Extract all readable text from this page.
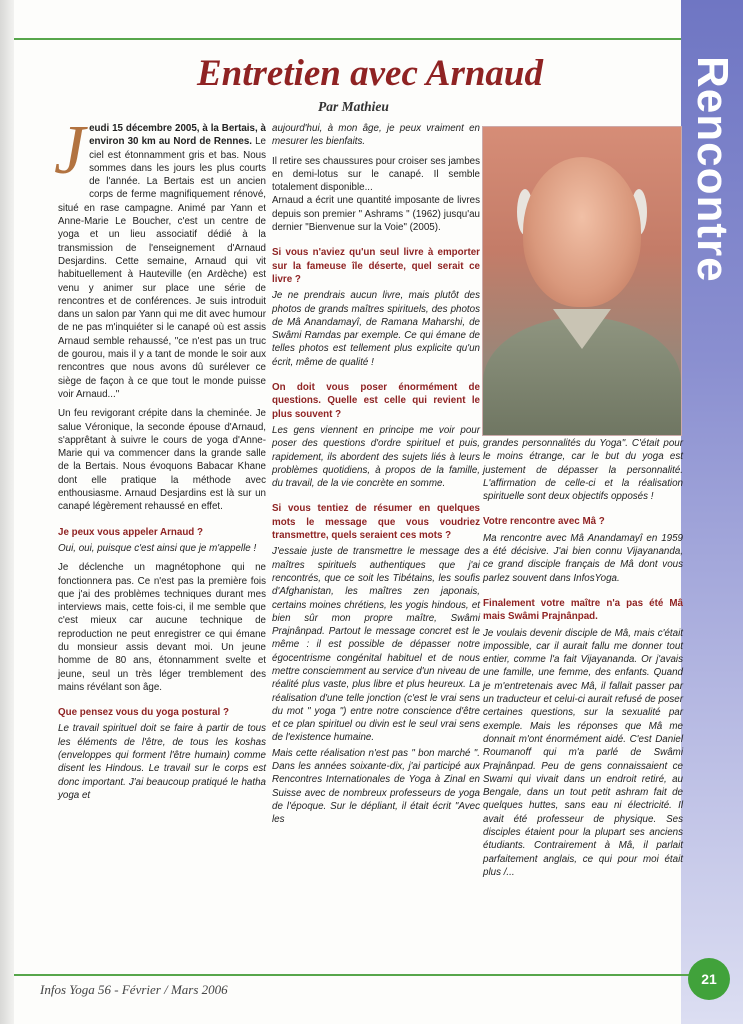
Rencontre
Entretien avec Arnaud

Par Mathieu

Jeudi 15 décembre 2005, à la Bertais, à environ 30 km au Nord de Rennes. Le ciel est étonnamment gris et bas. Nous sommes dans les jours les plus courts de l'année. La Bertais est un ancien corps de ferme magnifiquement rénové, situé en rase campagne. Animé par Yann et Anne-Marie Le Boucher, c'est un centre de yoga et un lieu associatif dédié à la transmission de l'enseignement d'Arnaud Desjardins. Cette semaine, Arnaud qui vit habituellement à Hauteville (en Ardèche) est venu y animer sur place une série de rencontres et de conférences. Je suis introduit dans un salon par Yann qui me dit avec humour de ne pas m'inquiéter si le canapé où est assis Arnaud semble rehaussé, "ce n'est pas un truc de gourou, mais il y a tant de monde le soir aux rencontres que nous avons dû surélever ce siège de façon à ce que tout le monde puisse voir Arnaud..."

Un feu revigorant crépite dans la cheminée. Je salue Véronique, la seconde épouse d'Arnaud, s'apprêtant à suivre le cours de yoga d'Anne-Marie qui va commencer dans la grande salle de la Bertais. Nous évoquons Babacar Khane dont elle pratique la méthode avec enthousiasme. Arnaud Desjardins est là sur un canapé légèrement rehaussé en effet.

Je peux vous appeler Arnaud ?

Oui, oui, puisque c'est ainsi que je m'appelle !

Je déclenche un magnétophone qui ne fonctionnera pas. Ce n'est pas la première fois que j'ai des problèmes techniques durant mes interviews mais, cette fois-ci, il me semble que c'est mieux car aucune technique de reproduction ne peut enregistrer ce qui émane du monsieur assis devant moi. Un jeune homme de 80 ans, étonnamment svelte et jeune, seul un très léger tremblement des mains révélant son âge.

Que pensez vous du yoga postural ?

Le travail spirituel doit se faire à partir de tous les éléments de l'être, de tous les koshas (enveloppes qui forment l'être humain) comme disent les Hindous. Le travail sur le corps est donc important. J'ai beaucoup pratiqué le hatha yoga et

aujourd'hui, à mon âge, je peux vraiment en mesurer les bienfaits.

Il retire ses chaussures pour croiser ses jambes en demi-lotus sur le canapé. Il semble totalement disponible...

Arnaud a écrit une quantité imposante de livres depuis son premier " Ashrams " (1962) jusqu'au dernier "Bienvenue sur la Voie" (2005).

Si vous n'aviez qu'un seul livre à emporter sur la fameuse île déserte, quel serait ce livre ?

Je ne prendrais aucun livre, mais plutôt des photos de grands maîtres spirituels, des photos de Mâ Anandamayî, de Ramana Maharshi, de Swâmi Ramdas par exemple. Ce qui émane de telles photos est tellement plus explicite qu'un écrit, même de qualité !

On doit vous poser énormément de questions. Quelle est celle qui revient le plus souvent ?

Les gens viennent en principe me voir pour poser des questions d'ordre spirituel et puis, rapidement, ils abordent des sujets liés à leurs problèmes quotidiens, à propos de la famille, du travail, de la vie concrète en somme.

Si vous tentiez de résumer en quelques mots le message que vous voudriez transmettre, quels seraient ces mots ?

J'essaie juste de transmettre le message des maîtres spirituels authentiques que j'ai rencontrés, que ce soit les Tibétains, les soufis d'Afghanistan, les maîtres zen japonais, certains moines chrétiens, les yogis hindous, et bien sûr mon propre maître, Swâmi Prajnânpad. Partout le message concret est le même : il est possible de dépasser notre égocentrisme congénital habituel et de nous mettre consciemment au service d'un niveau de réalité plus vaste, plus libre et plus heureux. La réalisation d'une telle jonction (c'est le vrai sens du mot " yoga ") entre notre conscience d'être et ce plan spirituel ou divin est le seul vrai sens de l'existence humaine.

Mais cette réalisation n'est pas " bon marché ". Dans les années soixante-dix, j'ai participé aux Rencontres Internationales de Yoga à Zinal en Suisse avec de nombreux professeurs de yoga de l'époque. Sur le dépliant, il était écrit "Avec les

grandes personnalités du Yoga". C'était pour le moins étrange, car le but du yoga est justement de dépasser la personnalité. L'affirmation de celle-ci et la réalisation spirituelle sont deux objectifs opposés !

Votre rencontre avec Mâ ?

Ma rencontre avec Mâ Anandamayî en 1959 a été décisive. J'ai bien connu Vijayananda, ce grand disciple français de Mâ dont vous parlez souvent dans InfosYoga.

Finalement votre maître n'a pas été Mâ mais Swâmi Prajnânpad.

Je voulais devenir disciple de Mâ, mais c'était impossible, car il aurait fallu me donner tout entier, comme l'a fait Vijayananda. Or j'avais une famille, une femme, des enfants. Quand je m'entretenais avec Mâ, il fallait passer par un traducteur et celui-ci aurait refusé de poser certaines questions, sur la sexualité par exemple. Mais les réponses que Mâ me donnait m'ont énormément aidé. C'est Daniel Roumanoff qui m'a parlé de Swâmi Prajnânpad. Peu de gens connaissaient ce Swami qui vivait dans un endroit retiré, au Bengale, dans un tout petit ashram fait de quelques huttes, sans eau ni électricité. Il avait été professeur de physique. Ses disciples étaient pour la plupart ses anciens étudiants. Contrairement à Mâ, il parlait parfaitement anglais, ce qui pour moi était plus /...

Infos Yoga 56 - Février / Mars 2006
21
